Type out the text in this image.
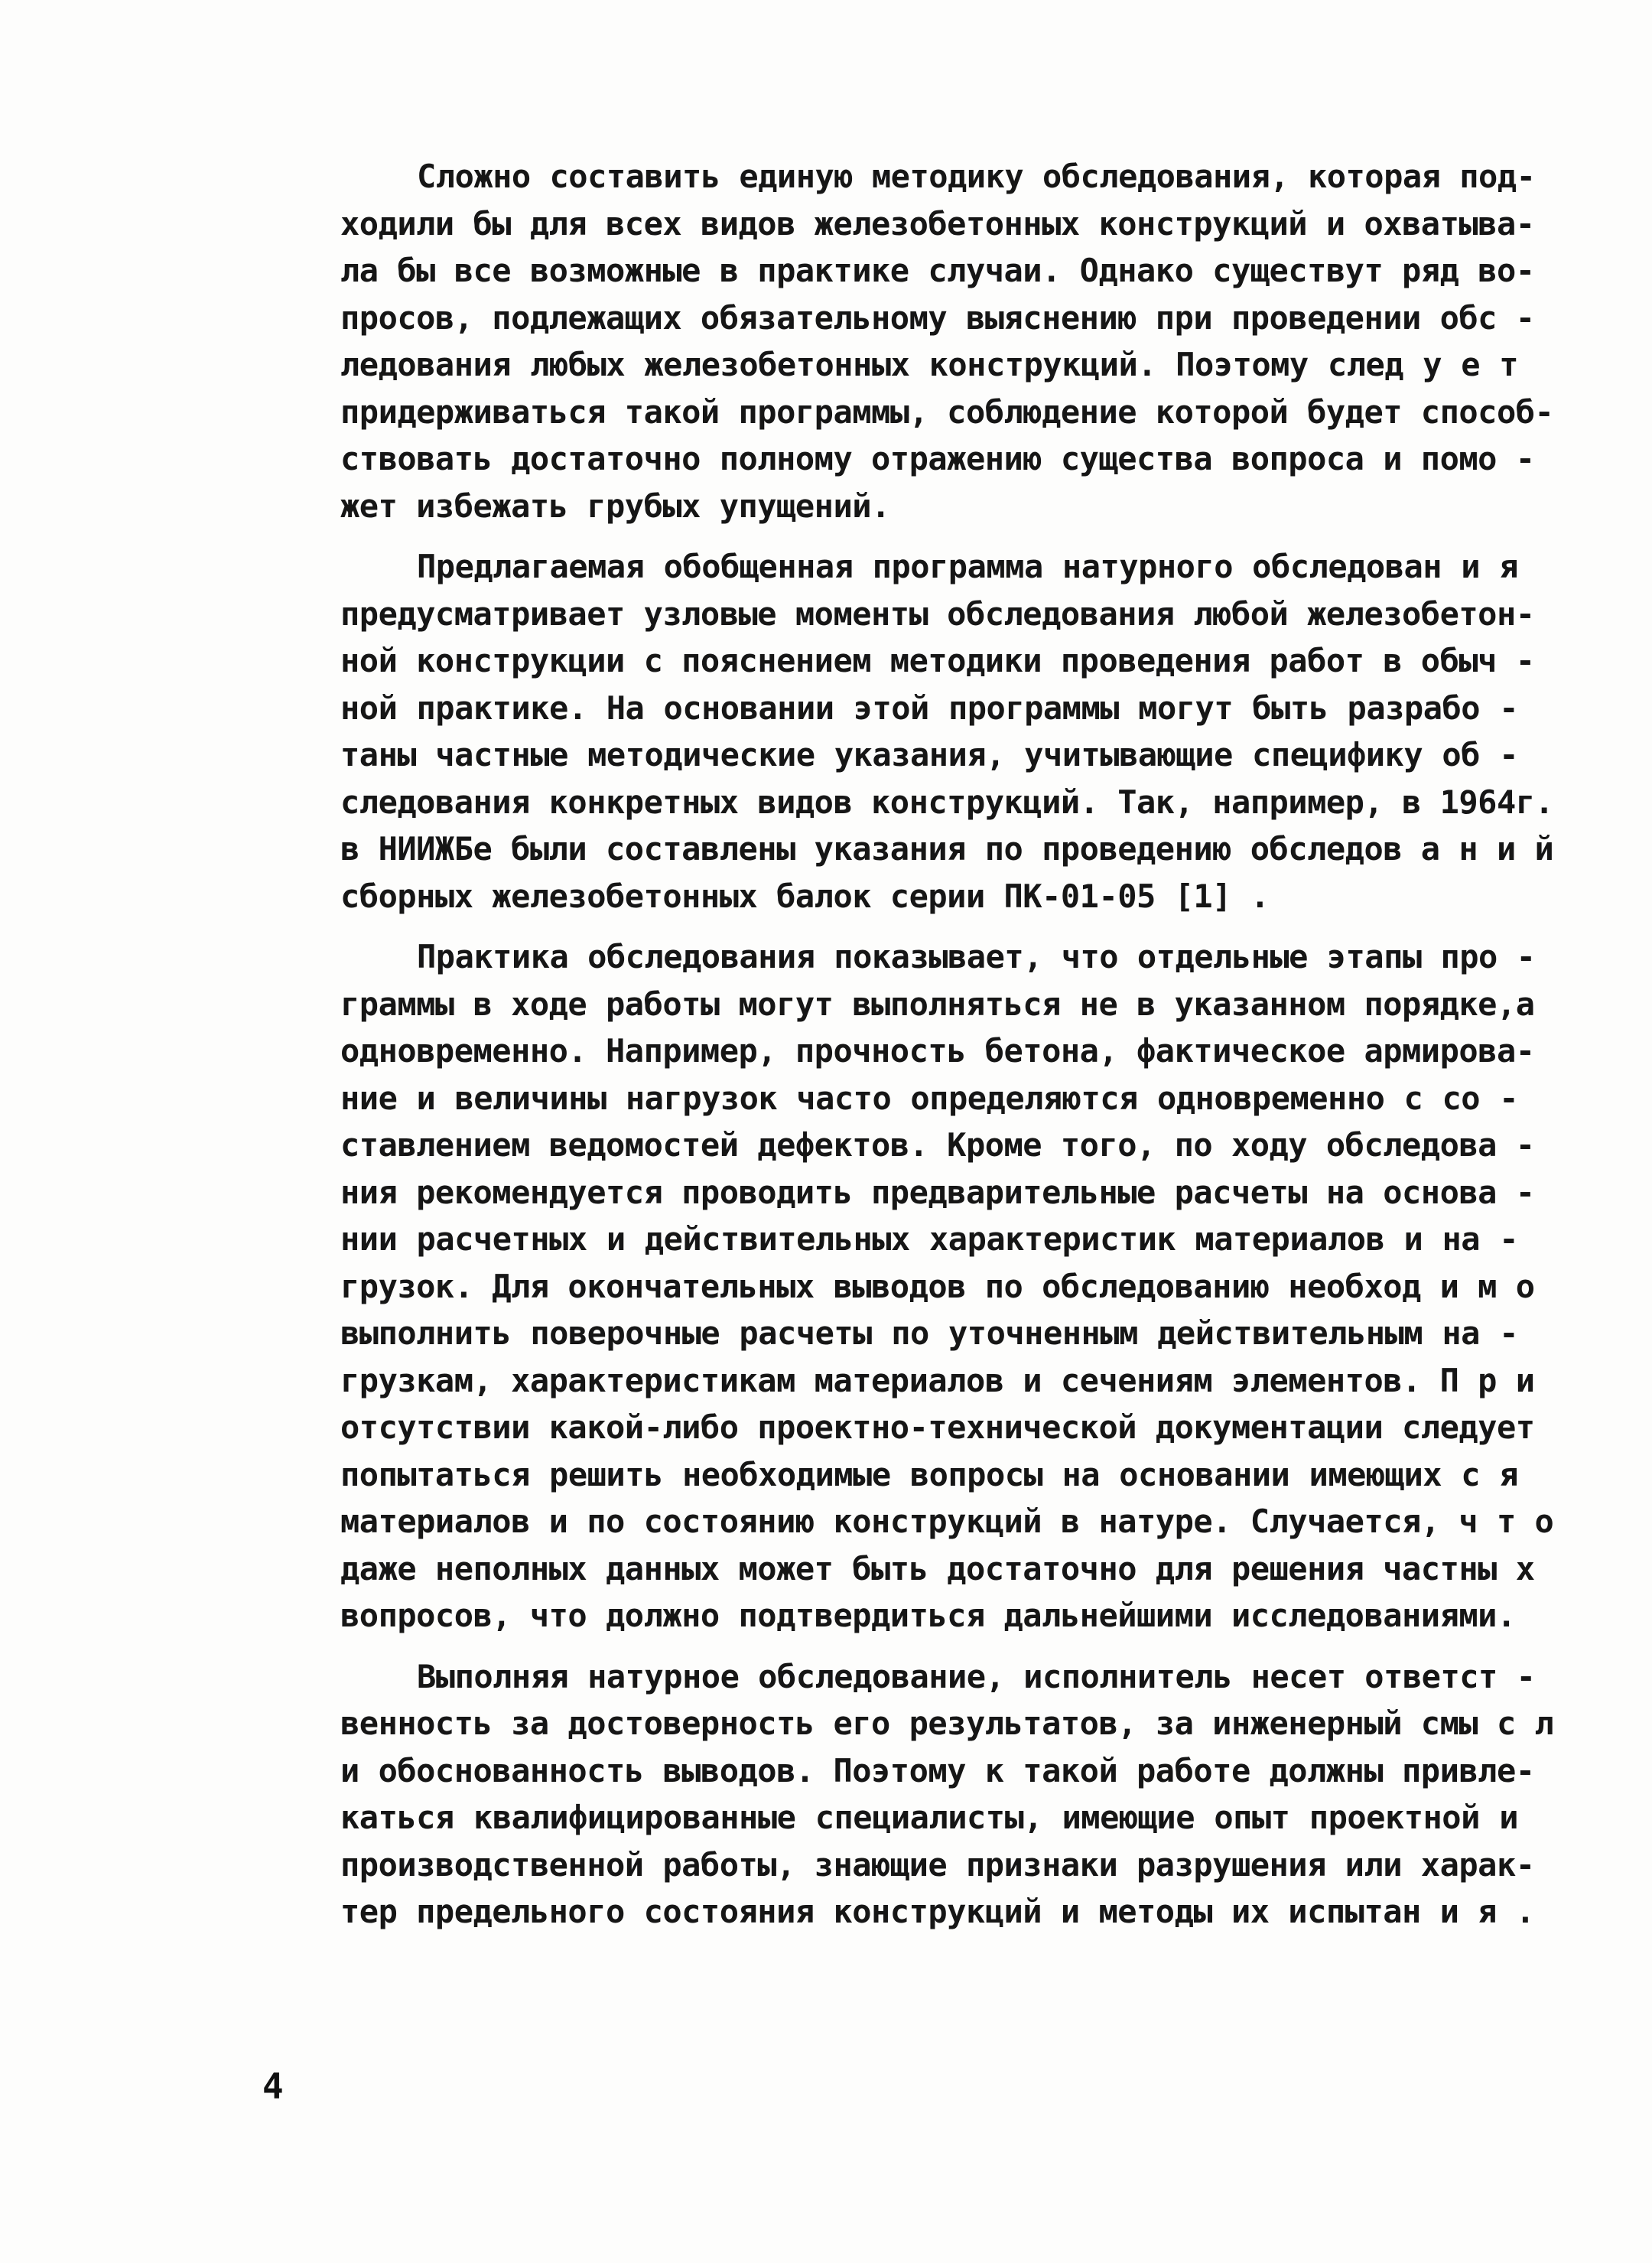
Сложно составить единую методику обследования, которая под-
ходили бы для всех видов железобетонных конструкций и охватыва-
ла бы все возможные в практике случаи. Однако существут ряд во-
просов, подлежащих обязательному выяснению при проведении обс -
ледования любых железобетонных конструкций. Поэтому след у е т
придерживаться такой программы, соблюдение которой будет способ-
ствовать достаточно полному отражению существа вопроса и помо -
жет избежать грубых упущений.
Предлагаемая обобщенная программа натурного обследован и я
предусматривает узловые моменты обследования любой железобетон-
ной конструкции с пояснением методики проведения работ в обыч -
ной практике. На основании этой программы могут быть разрабо -
таны частные методические указания, учитывающие специфику об -
следования конкретных видов конструкций. Так, например, в 1964г.
в НИИЖБе были составлены указания по проведению обследов а н и й
сборных железобетонных балок серии ПК-01-05 [1] .
Практика обследования показывает, что отдельные этапы про -
граммы в ходе работы могут выполняться не в указанном порядке,а
одновременно. Например, прочность бетона, фактическое армирова-
ние и величины нагрузок часто определяются одновременно с со -
ставлением ведомостей дефектов. Кроме того, по ходу обследова -
ния рекомендуется проводить предварительные расчеты на основа -
нии расчетных и действительных характеристик материалов и на -
грузок. Для окончательных выводов по обследованию необход и м о
выполнить поверочные расчеты по уточненным действительным на -
грузкам, характеристикам материалов и сечениям элементов. П р и
отсутствии какой-либо проектно-технической документации следует
попытаться решить необходимые вопросы на основании имеющих с я
материалов и по состоянию конструкций в натуре. Случается, ч т о
даже неполных данных может быть достаточно для решения частны х
вопросов, что должно подтвердиться дальнейшими исследованиями.
Выполняя натурное обследование, исполнитель несет ответст -
венность за достоверность его результатов, за инженерный смы с л
и обоснованность выводов. Поэтому к такой работе должны привле-
каться квалифицированные специалисты, имеющие опыт проектной и
производственной работы, знающие признаки разрушения или харак-
тер предельного состояния конструкций и методы их испытан и я .
4
